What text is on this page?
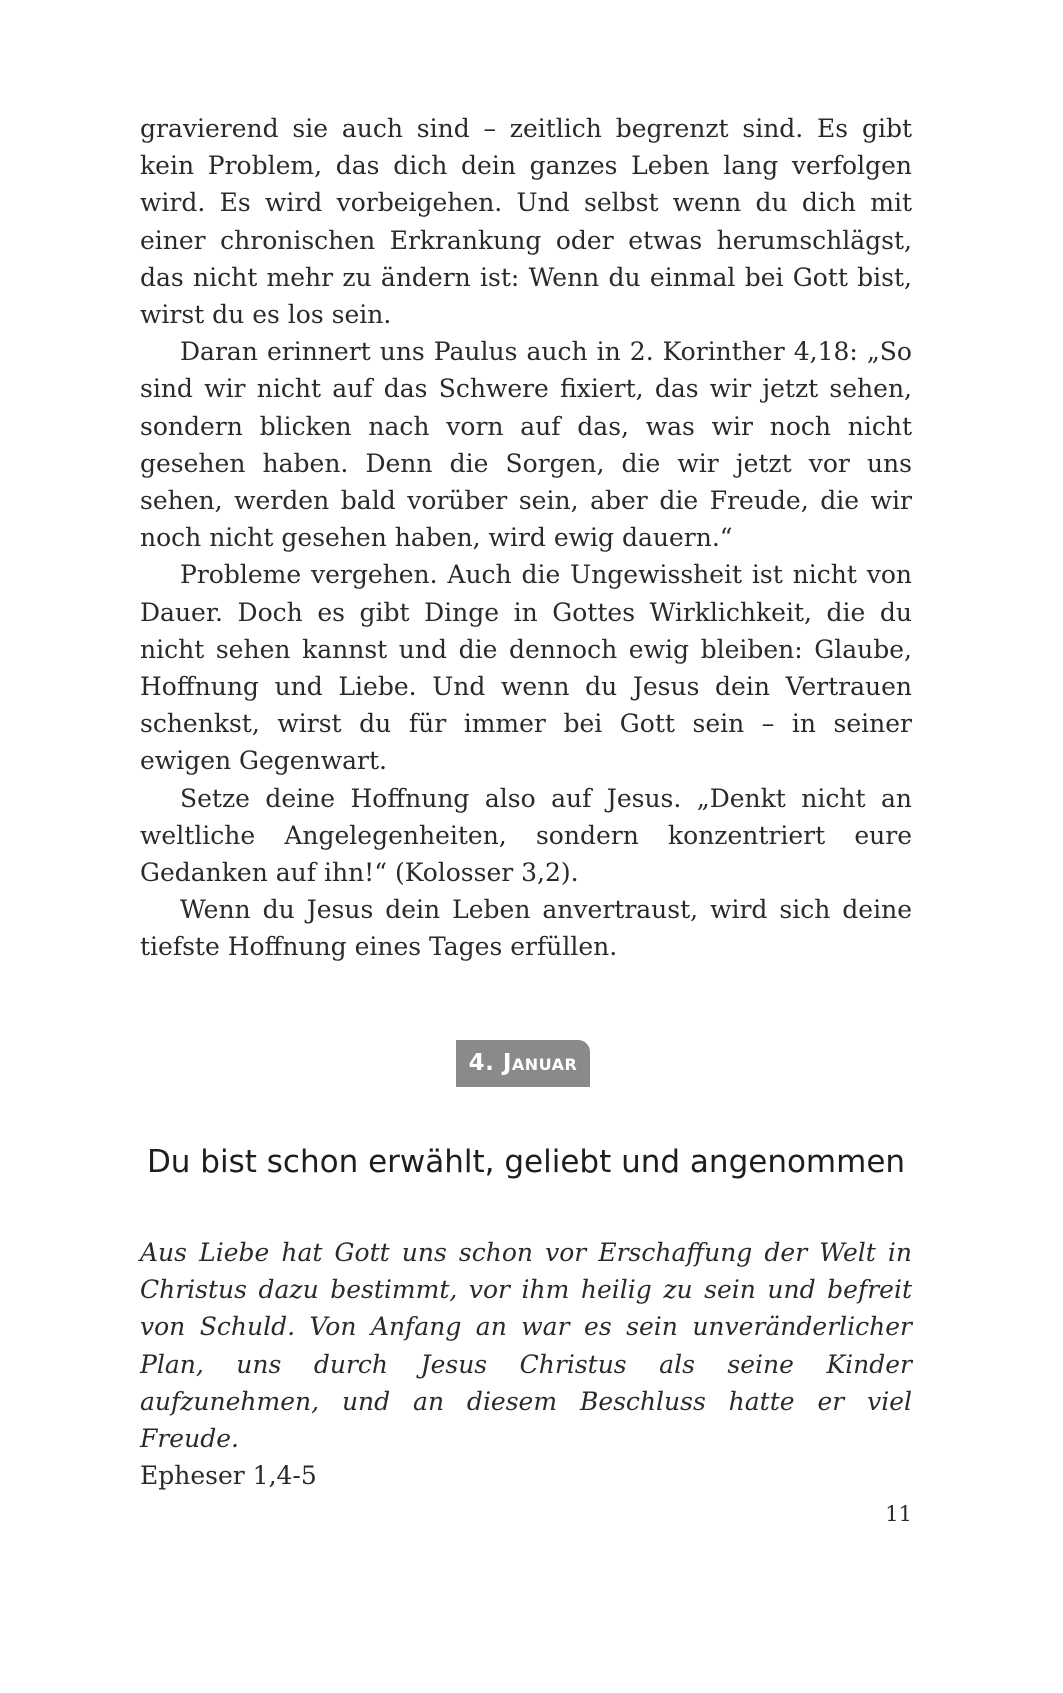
gravierend sie auch sind – zeitlich begrenzt sind. Es gibt kein Problem, das dich dein ganzes Leben lang verfolgen wird. Es wird vorbeigehen. Und selbst wenn du dich mit einer chronischen Erkrankung oder etwas herumschlägst, das nicht mehr zu ändern ist: Wenn du einmal bei Gott bist, wirst du es los sein.

Daran erinnert uns Paulus auch in 2. Korinther 4,18: „So sind wir nicht auf das Schwere fixiert, das wir jetzt sehen, sondern blicken nach vorn auf das, was wir noch nicht gesehen haben. Denn die Sorgen, die wir jetzt vor uns sehen, werden bald vorüber sein, aber die Freude, die wir noch nicht gesehen haben, wird ewig dauern.“

Probleme vergehen. Auch die Ungewissheit ist nicht von Dauer. Doch es gibt Dinge in Gottes Wirklichkeit, die du nicht sehen kannst und die dennoch ewig bleiben: Glaube, Hoffnung und Liebe. Und wenn du Jesus dein Vertrauen schenkst, wirst du für immer bei Gott sein – in seiner ewigen Gegenwart.

Setze deine Hoffnung also auf Jesus. „Denkt nicht an weltliche Angelegenheiten, sondern konzentriert eure Gedanken auf ihn!“ (Kolosser 3,2).

Wenn du Jesus dein Leben anvertraust, wird sich deine tiefste Hoffnung eines Tages erfüllen.

4. Januar
Du bist schon erwählt, geliebt und angenommen

Aus Liebe hat Gott uns schon vor Erschaffung der Welt in Christus dazu bestimmt, vor ihm heilig zu sein und befreit von Schuld. Von Anfang an war es sein unveränderlicher Plan, uns durch Jesus Christus als seine Kinder aufzunehmen, und an diesem Beschluss hatte er viel Freude.

Epheser 1,4-5

11
